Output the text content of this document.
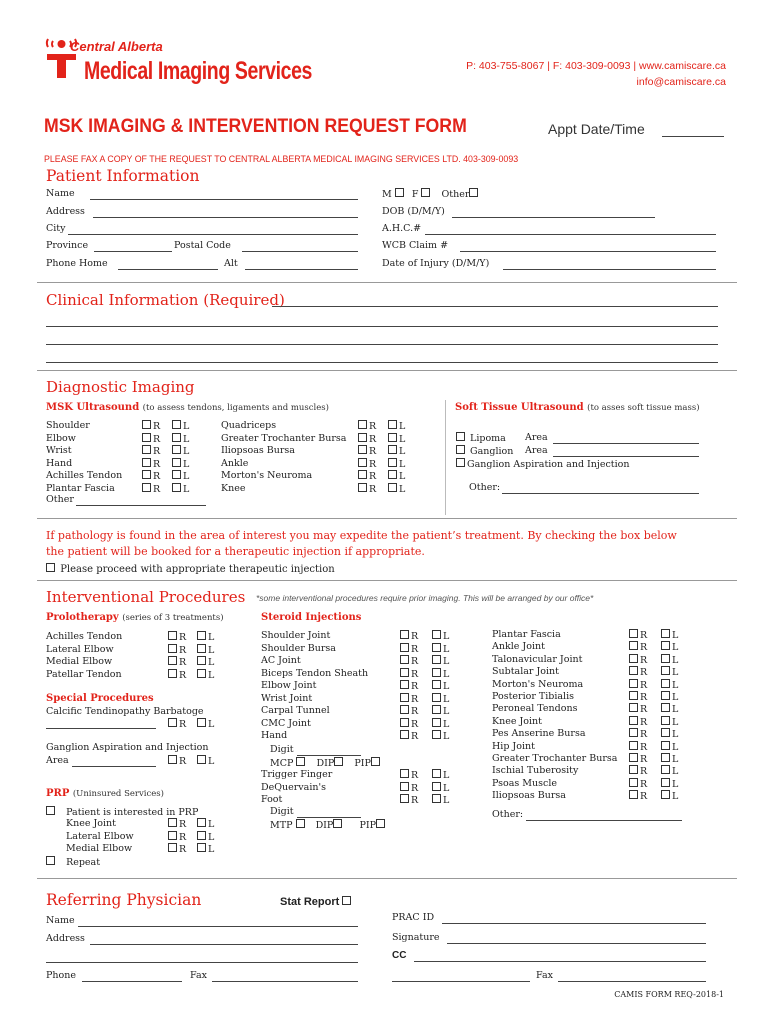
Central Alberta
Medical Imaging Services	P: 403-755-8067 | F: 403-309-0093 | www.camiscare.ca
info@camiscare.ca
MSK IMAGING & INTERVENTION REQUEST FORM	Appt Date/Time
PLEASE FAX A COPY OF THE REQUEST TO CENTRAL ALBERTA MEDICAL IMAGING SERVICES LTD. 403-309-0093
Patient Information
Name
Address
City
Province	Postal Code
Phone Home	Alt
M F Other
DOB (D/M/Y)
A.H.C.#
WCB Claim #
Date of Injury (D/M/Y)
Clinical Information (Required)
Diagnostic Imaging
MSK Ultrasound (to assess tendons, ligaments and muscles)	Soft Tissue Ultrasound (to asses soft tissue mass)
Shoulder	R	L
Elbow	R	L
Wrist	R	L
Hand	R	L
Achilles Tendon	R	L
Plantar Fascia	R	L
Quadriceps	R	L
Greater Trochanter Bursa	R	L
Iliopsoas Bursa	R	L
Ankle	R	L
Morton's Neuroma	R	L
Knee	R	L
Other
Lipoma Area
Ganglion Area
Ganglion Aspiration and Injection
Other:
If pathology is found in the area of interest you may expedite the patient’s treatment. By checking the box below
the patient will be booked for a therapeutic injection if appropriate.
Please proceed with appropriate therapeutic injection
Interventional Procedures *some interventional procedures require prior imaging. This will be arranged by our office*
Prolotherapy (series of 3 treatments)
Achilles Tendon	R	L
Lateral Elbow	R	L
Medial Elbow	R	L
Patellar Tendon	R	L
Special Procedures
Calcific Tendinopathy Barbatoge
R	L
Ganglion Aspiration and Injection
Area	R	L
PRP (Uninsured Services)
Patient is interested in PRP
Knee Joint	R	L
Lateral Elbow	R	L
Medial Elbow	R	L
Repeat
Steroid Injections
Shoulder Joint	R	L
Shoulder Bursa	R	L
AC Joint	R	L
Biceps Tendon Sheath	R	L
Elbow Joint	R	L
Wrist Joint	R	L
Carpal Tunnel	R	L
CMC Joint	R	L
Hand	R	L
Digit
MCP DIP PIP
Trigger Finger	R	L
DeQuervain's	R	L
Foot	R	L
Digit
MTP DIP	PIP
Plantar Fascia	R	L
Ankle Joint	R	L
Talonavicular Joint	R	L
Subtalar Joint	R	L
Morton's Neuroma	R	L
Posterior Tibialis	R	L
Peroneal Tendons	R	L
Knee Joint	R	L
Pes Anserine Bursa	R	L
Hip Joint	R	L
Greater Trochanter Bursa	R	L
Ischial Tuberosity	R	L
Psoas Muscle	R	L
Iliopsoas Bursa	R	L
Other:
Referring Physician	Stat Report
Name
Address
Phone	Fax
PRAC ID
Signature
CC
Fax
CAMIS FORM REQ-2018-1
